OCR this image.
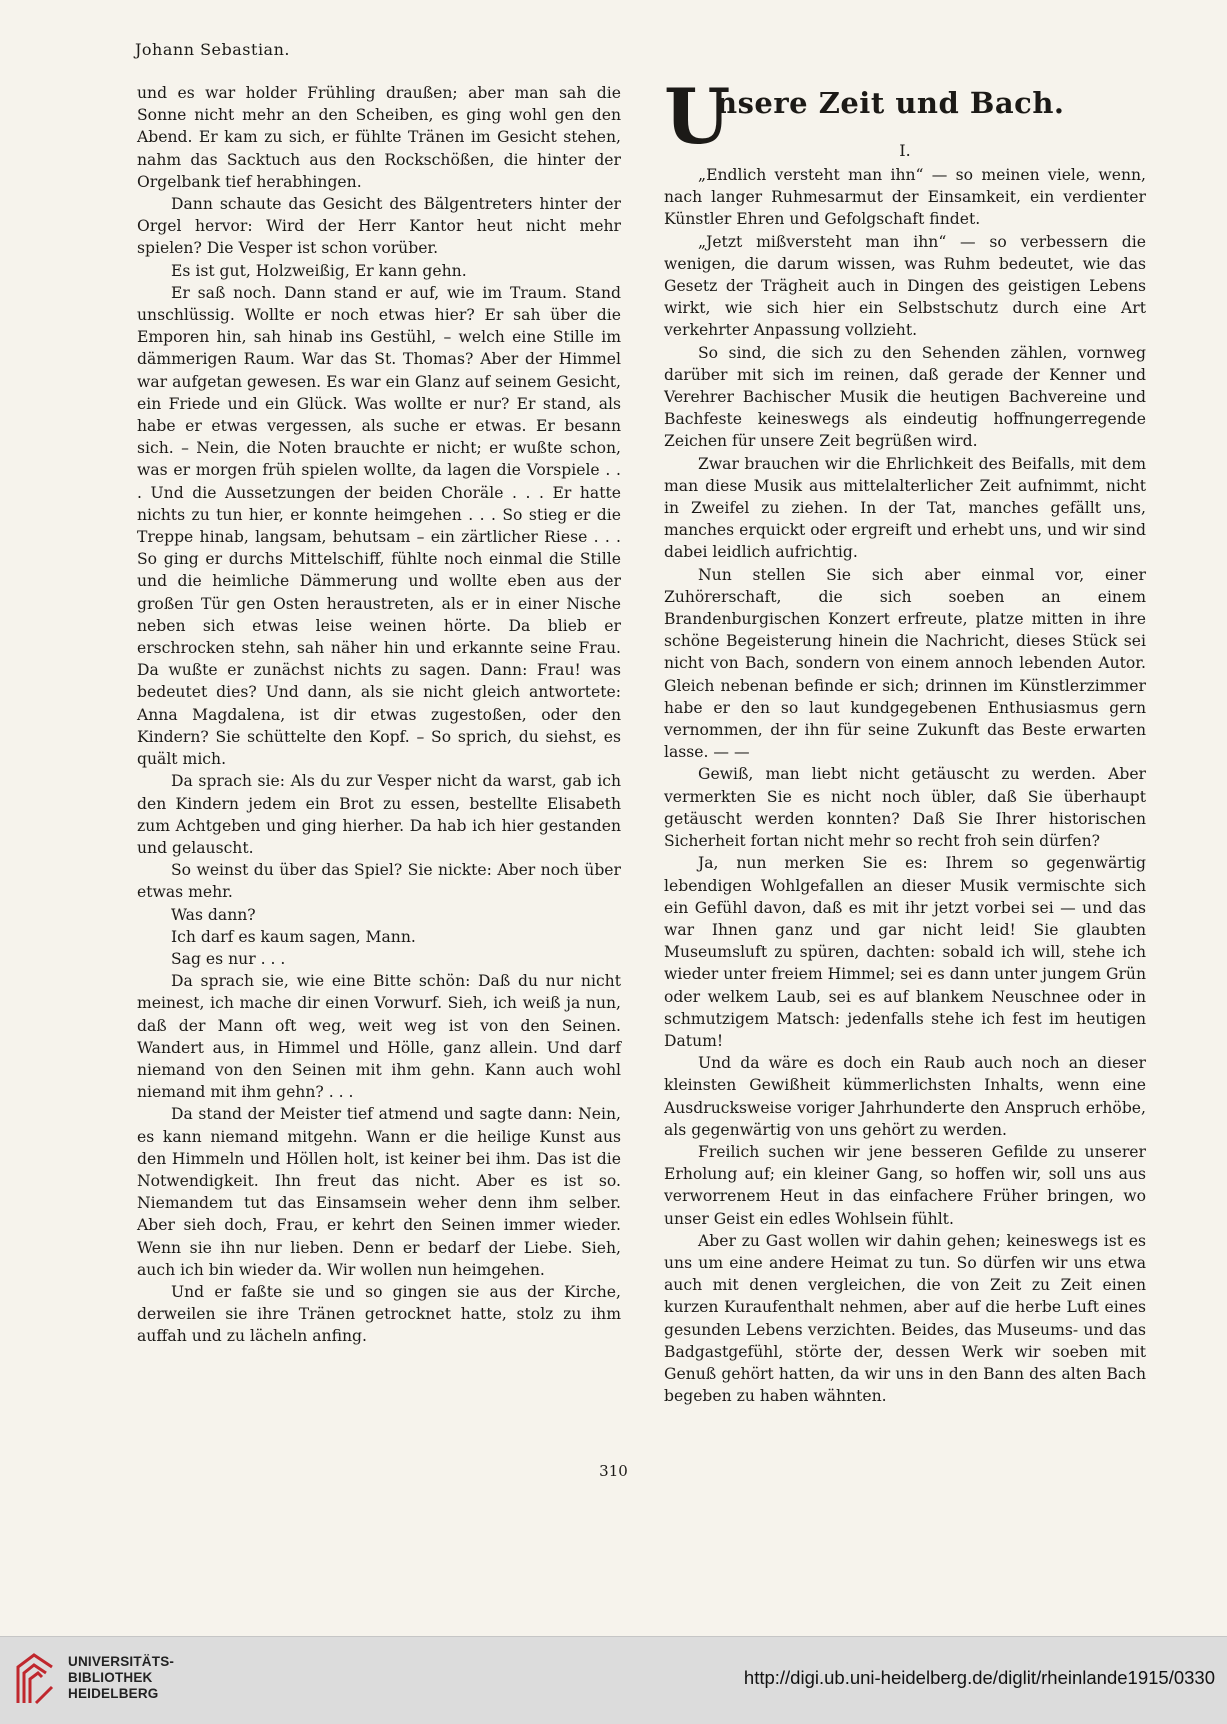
Johann Sebastian.

und es war holder Frühling draußen; aber man sah die Sonne nicht mehr an den Scheiben, es ging wohl gen den Abend. Er kam zu sich, er fühlte Tränen im Gesicht stehen, nahm das Sacktuch aus den Rockschößen, die hinter der Orgelbank tief herabhingen.

Dann schaute das Gesicht des Bälgentreters hinter der Orgel hervor: Wird der Herr Kantor heut nicht mehr spielen? Die Vesper ist schon vorüber.

Es ist gut, Holzweißig, Er kann gehn.

Er saß noch. Dann stand er auf, wie im Traum. Stand unschlüssig. Wollte er noch etwas hier? Er sah über die Emporen hin, sah hinab ins Gestühl, – welch eine Stille im dämmerigen Raum. War das St. Thomas? Aber der Himmel war aufgetan gewesen. Es war ein Glanz auf seinem Gesicht, ein Friede und ein Glück. Was wollte er nur? Er stand, als habe er etwas vergessen, als suche er etwas. Er besann sich. – Nein, die Noten brauchte er nicht; er wußte schon, was er morgen früh spielen wollte, da lagen die Vorspiele . . . Und die Aussetzungen der beiden Choräle . . . Er hatte nichts zu tun hier, er konnte heimgehen . . . So stieg er die Treppe hinab, langsam, behutsam – ein zärtlicher Riese . . . So ging er durchs Mittelschiff, fühlte noch einmal die Stille und die heimliche Dämmerung und wollte eben aus der großen Tür gen Osten heraustreten, als er in einer Nische neben sich etwas leise weinen hörte. Da blieb er erschrocken stehn, sah näher hin und erkannte seine Frau. Da wußte er zunächst nichts zu sagen. Dann: Frau! was bedeutet dies? Und dann, als sie nicht gleich antwortete: Anna Magdalena, ist dir etwas zugestoßen, oder den Kindern? Sie schüttelte den Kopf. – So sprich, du siehst, es quält mich.

Da sprach sie: Als du zur Vesper nicht da warst, gab ich den Kindern jedem ein Brot zu essen, bestellte Elisabeth zum Achtgeben und ging hierher. Da hab ich hier gestanden und gelauscht.

So weinst du über das Spiel? Sie nickte: Aber noch über etwas mehr.

Was dann?

Ich darf es kaum sagen, Mann.

Sag es nur . . .

Da sprach sie, wie eine Bitte schön: Daß du nur nicht meinest, ich mache dir einen Vorwurf. Sieh, ich weiß ja nun, daß der Mann oft weg, weit weg ist von den Seinen. Wandert aus, in Himmel und Hölle, ganz allein. Und darf niemand von den Seinen mit ihm gehn. Kann auch wohl niemand mit ihm gehn? . . .

Da stand der Meister tief atmend und sagte dann: Nein, es kann niemand mitgehn. Wann er die heilige Kunst aus den Himmeln und Höllen holt, ist keiner bei ihm. Das ist die Notwendigkeit. Ihn freut das nicht. Aber es ist so. Niemandem tut das Einsamsein weher denn ihm selber. Aber sieh doch, Frau, er kehrt den Seinen immer wieder. Wenn sie ihn nur lieben. Denn er bedarf der Liebe. Sieh, auch ich bin wieder da. Wir wollen nun heimgehen.

Und er faßte sie und so gingen sie aus der Kirche, derweilen sie ihre Tränen getrocknet hatte, stolz zu ihm auffah und zu lächeln anfing.

U
nsere Zeit und Bach.
I.

„Endlich versteht man ihn“ — so meinen viele, wenn, nach langer Ruhmesarmut der Einsamkeit, ein verdienter Künstler Ehren und Gefolgschaft findet.

„Jetzt mißversteht man ihn“ — so verbessern die wenigen, die darum wissen, was Ruhm bedeutet, wie das Gesetz der Trägheit auch in Dingen des geistigen Lebens wirkt, wie sich hier ein Selbstschutz durch eine Art verkehrter Anpassung vollzieht.

So sind, die sich zu den Sehenden zählen, vornweg darüber mit sich im reinen, daß gerade der Kenner und Verehrer Bachischer Musik die heutigen Bachvereine und Bachfeste keineswegs als eindeutig hoffnungerregende Zeichen für unsere Zeit begrüßen wird.

Zwar brauchen wir die Ehrlichkeit des Beifalls, mit dem man diese Musik aus mittelalterlicher Zeit aufnimmt, nicht in Zweifel zu ziehen. In der Tat, manches gefällt uns, manches erquickt oder ergreift und erhebt uns, und wir sind dabei leidlich aufrichtig.

Nun stellen Sie sich aber einmal vor, einer Zuhörerschaft, die sich soeben an einem Brandenburgischen Konzert erfreute, platze mitten in ihre schöne Begeisterung hinein die Nachricht, dieses Stück sei nicht von Bach, sondern von einem annoch lebenden Autor. Gleich nebenan befinde er sich; drinnen im Künstlerzimmer habe er den so laut kundgegebenen Enthusiasmus gern vernommen, der ihn für seine Zukunft das Beste erwarten lasse. — —

Gewiß, man liebt nicht getäuscht zu werden. Aber vermerkten Sie es nicht noch übler, daß Sie überhaupt getäuscht werden konnten? Daß Sie Ihrer historischen Sicherheit fortan nicht mehr so recht froh sein dürfen?

Ja, nun merken Sie es: Ihrem so gegenwärtig lebendigen Wohlgefallen an dieser Musik vermischte sich ein Gefühl davon, daß es mit ihr jetzt vorbei sei — und das war Ihnen ganz und gar nicht leid! Sie glaubten Museumsluft zu spüren, dachten: sobald ich will, stehe ich wieder unter freiem Himmel; sei es dann unter jungem Grün oder welkem Laub, sei es auf blankem Neuschnee oder in schmutzigem Matsch: jedenfalls stehe ich fest im heutigen Datum!

Und da wäre es doch ein Raub auch noch an dieser kleinsten Gewißheit kümmerlichsten Inhalts, wenn eine Ausdrucksweise voriger Jahrhunderte den Anspruch erhöbe, als gegenwärtig von uns gehört zu werden.

Freilich suchen wir jene besseren Gefilde zu unserer Erholung auf; ein kleiner Gang, so hoffen wir, soll uns aus verworrenem Heut in das einfachere Früher bringen, wo unser Geist ein edles Wohlsein fühlt.

Aber zu Gast wollen wir dahin gehen; keineswegs ist es uns um eine andere Heimat zu tun. So dürfen wir uns etwa auch mit denen vergleichen, die von Zeit zu Zeit einen kurzen Kuraufenthalt nehmen, aber auf die herbe Luft eines gesunden Lebens verzichten. Beides, das Museums- und das Badgastgefühl, störte der, dessen Werk wir soeben mit Genuß gehört hatten, da wir uns in den Bann des alten Bach begeben zu haben wähnten.

310
UNIVERSITÄTS-
BIBLIOTHEK
HEIDELBERG
http://digi.ub.uni-heidelberg.de/diglit/rheinlande1915/0330
